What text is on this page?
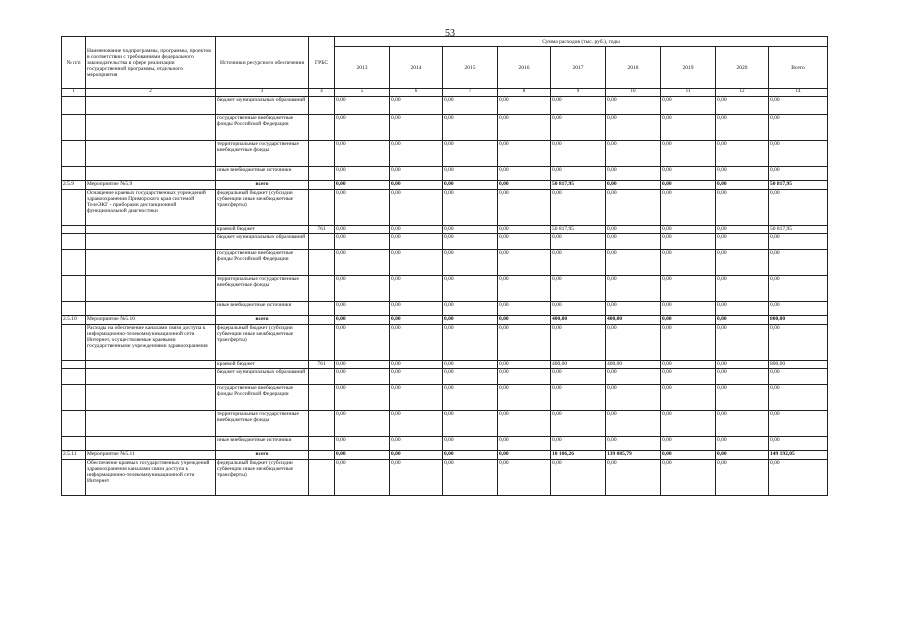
53
№ п/п	Наименование подпрограммы, программы, проектов в соответствии с требованиями федерального законодательства в сфере реализации государственной программы, отдельного мероприятия	Источники ресурсного обеспечения	ГРБС	Сумма расходов (тыс. руб.), годы								
				2013	2014	2015	2016	2017	2018	2019	2020	Всего
1	2	3	4	5	6	7	8	9	10	11	12	14
		бюджет муниципальных образований		0,00	0,00	0,00	0,00	0,00	0,00	0,00	0,00	0,00
		государственные внебюджетные фонды Российской Федерации		0,00	0,00	0,00	0,00	0,00	0,00	0,00	0,00	0,00
		территориальные государственные внебюджетные фонды		0,00	0,00	0,00	0,00	0,00	0,00	0,00	0,00	0,00
		иные внебюджетные источники		0,00	0,00	0,00	0,00	0,00	0,00	0,00	0,00	0,00
2.5.9	Мероприятие №5.9	всего		0,00	0,00	0,00	0,00	50 817,95	0,00	0,00	0,00	50 817,95
	Оснащение краевых государственных учреждений здравоохранения Приморского края системой ТелеЭКГ - приборами дистанционной функциональной диагностики	федеральный бюджет (субсидии субвенции иные межбюджетные трансферты)		0,00	0,00	0,00	0,00	0,00	0,00	0,00	0,00	0,00
		краевой бюджет	761	0,00	0,00	0,00	0,00	50 817,95	0,00	0,00	0,00	50 817,95
		бюджет муниципальных образований		0,00	0,00	0,00	0,00	0,00	0,00	0,00	0,00	0,00
		государственные внебюджетные фонды Российской Федерации		0,00	0,00	0,00	0,00	0,00	0,00	0,00	0,00	0,00
		территориальные государственные внебюджетные фонды		0,00	0,00	0,00	0,00	0,00	0,00	0,00	0,00	0,00
		иные внебюджетные источники		0,00	0,00	0,00	0,00	0,00	0,00	0,00	0,00	0,00
2.5.10	Мероприятие №5.10	всего		0,00	0,00	0,00	0,00	400,00	400,00	0,00	0,00	800,00
	Расходы на обеспечение каналами связи доступа к информационно-телекоммуникационной сети Интернет, осуществляемые краевыми государственными учреждениями здравоохранения	федеральный бюджет (субсидии субвенции иные межбюджетные трансферты)		0,00	0,00	0,00	0,00	0,00	0,00	0,00	0,00	0,00
		краевой бюджет	761	0,00	0,00	0,00	0,00	400,00	400,00	0,00	0,00	800,00
		бюджет муниципальных образований		0,00	0,00	0,00	0,00	0,00	0,00	0,00	0,00	0,00
		государственные внебюджетные фонды Российской Федерации		0,00	0,00	0,00	0,00	0,00	0,00	0,00	0,00	0,00
		территориальные государственные внебюджетные фонды		0,00	0,00	0,00	0,00	0,00	0,00	0,00	0,00	0,00
		иные внебюджетные источники		0,00	0,00	0,00	0,00	0,00	0,00	0,00	0,00	0,00
2.5.11	Мероприятие №5.11	всего		0,00	0,00	0,00	0,00	10 106,26	139 085,79	0,00	0,00	149 192,05
	Обеспечение краевых государственных учреждений здравоохранения каналами связи доступа к информационно-телекоммуникационной сети Интернет	федеральный бюджет (субсидии субвенции иные межбюджетные трансферты)		0,00	0,00	0,00	0,00	0,00	0,00	0,00	0,00	0,00
